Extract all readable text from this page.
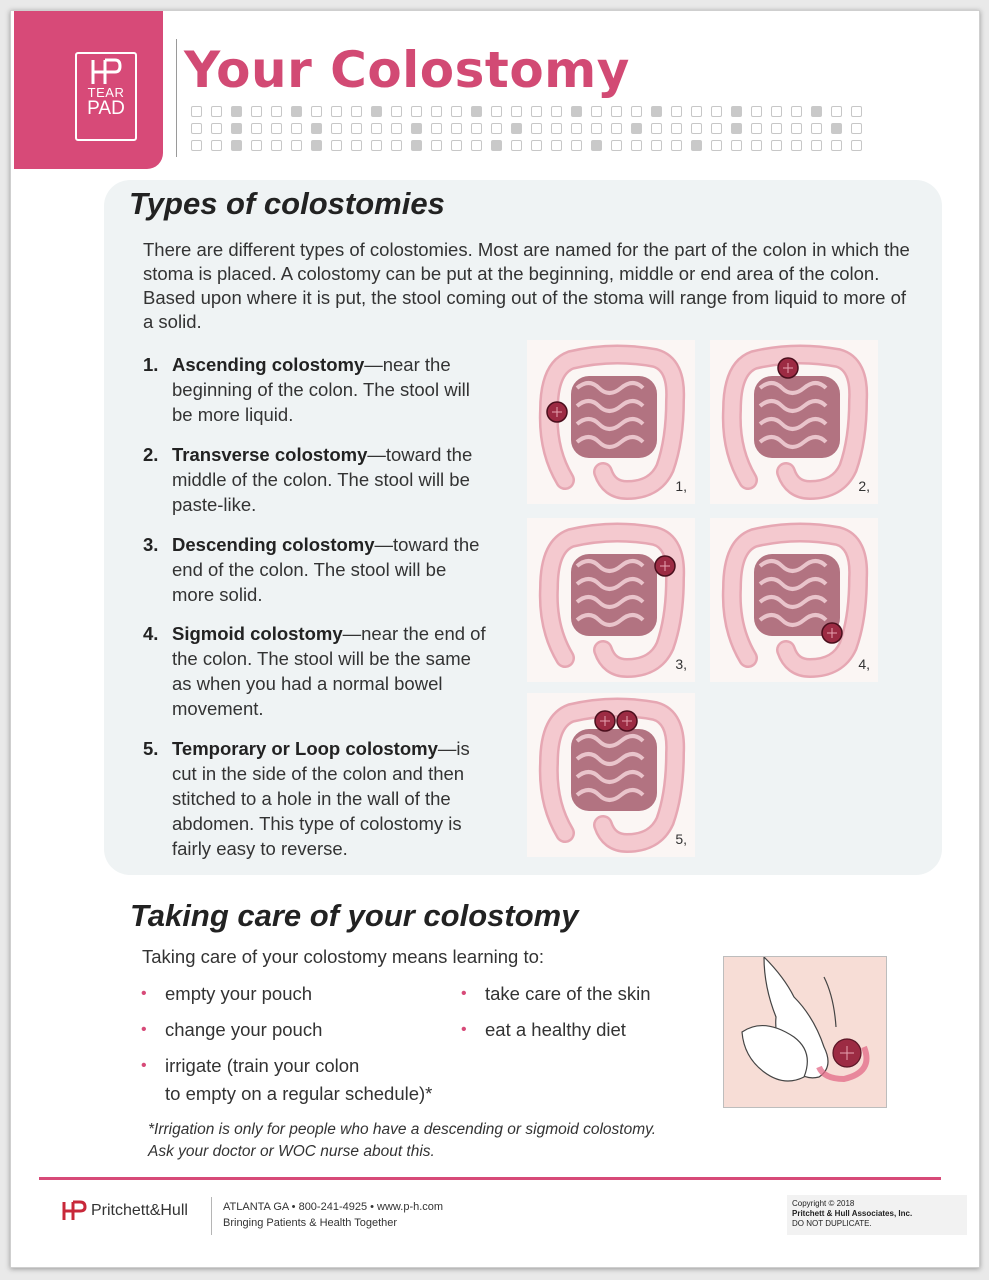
TEAR
PAD
Your Colostomy
Types of colostomies

There are different types of colostomies. Most are named for the part of the colon in which the stoma is placed. A colostomy can be put at the beginning, middle or end area of the colon. Based upon where it is put, the stool coming out of the stoma will range from liquid to more of a solid.

1. Ascending colostomy—near the beginning of the colon. The stool will be more liquid.
2. Transverse colostomy—toward the middle of the colon. The stool will be paste-like.
3. Descending colostomy—toward the end of the colon. The stool will be more solid.
4. Sigmoid colostomy—near the end of the colon. The stool will be the same as when you had a normal bowel movement.
5. Temporary or Loop colostomy—is cut in the side of the colon and then stitched to a hole in the wall of the abdomen. This type of colostomy is fairly easy to reverse.
1,	2,
3,	4,
5,
Taking care of your colostomy
Taking care of your colostomy means learning to:
• empty your pouch
• change your pouch
• irrigate (train your colon
to empty on a regular schedule)*
• take care of the skin
• eat a healthy diet
*Irrigation is only for people who have a descending or sigmoid colostomy.
Ask your doctor or WOC nurse about this.
Pritchett&Hull	ATLANTA GA • 800-241-4925 • www.p-h.com
Bringing Patients & Health Together
Copyright © 2018
Pritchett & Hull Associates, Inc.
DO NOT DUPLICATE.
